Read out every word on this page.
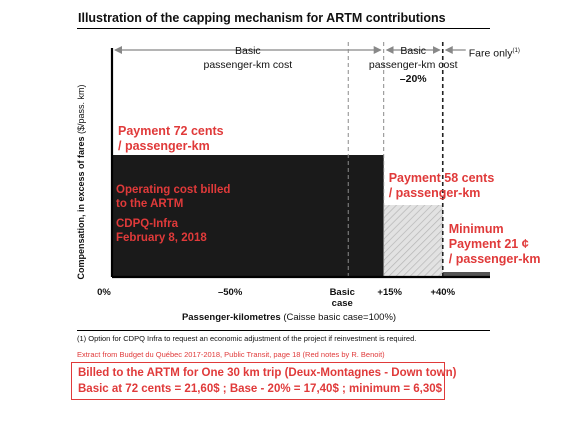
Illustration of the capping mechanism for ARTM contributions
Compensation, in excess of fares ($/pass. km)
Basic
passenger-km cost
Basic
passenger-km cost
–20%
Fare only$^{(1)}$
Payment 72 cents
/ passenger-km
Payment 58 cents
/ passenger-km
Minimum
Payment 21 ¢
/ passenger-km
Operating cost billed
to the ARTM
CDPQ-Infra
February 8, 2018
0%	–50%	Basic
case
+15%	+40%
Passenger-kilometres (Caisse basic case=100%)
(1) Option for CDPQ Infra to request an economic adjustment of the project if reinvestment is required.
Extract from Budget du Québec 2017-2018, Public Transit, page 18 (Red notes by R. Benoit)
Billed to the ARTM for One 30 km trip (Deux-Montagnes - Down town)
Basic at 72 cents = 21,60$ ; Base - 20% = 17,40$ ; minimum = 6,30$
